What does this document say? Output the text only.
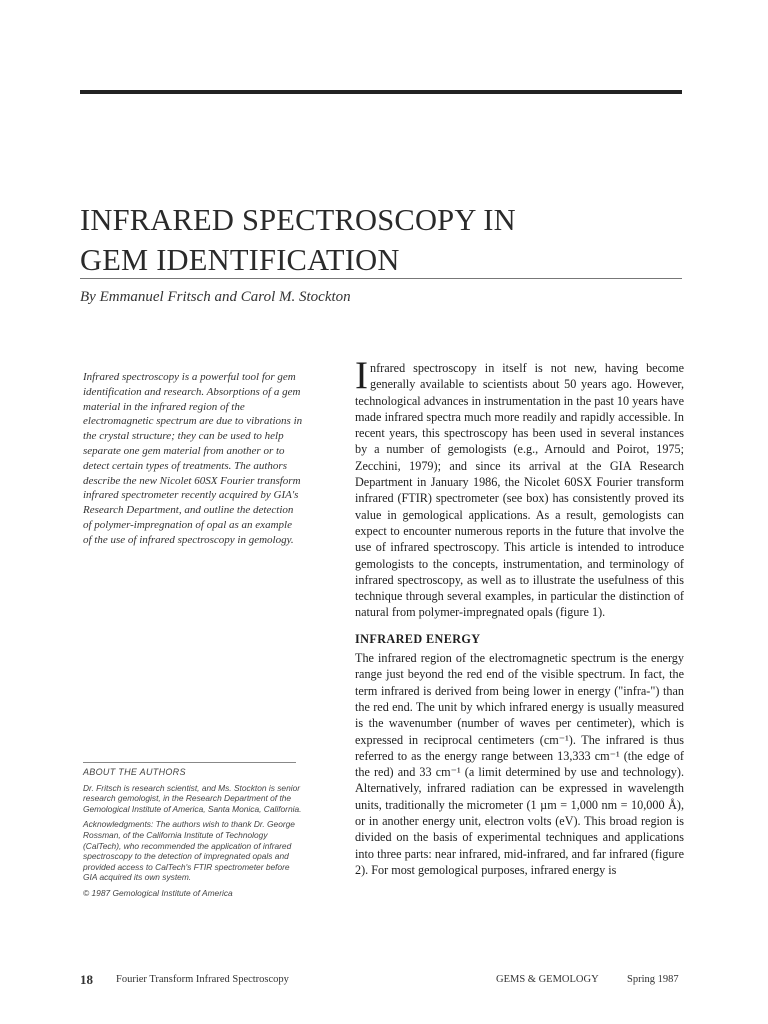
INFRARED SPECTROSCOPY IN
GEM IDENTIFICATION
By Emmanuel Fritsch and Carol M. Stockton

Infrared spectroscopy is a powerful tool for gem identification and research. Absorptions of a gem material in the infrared region of the electromagnetic spectrum are due to vibrations in the crystal structure; they can be used to help separate one gem material from another or to detect certain types of treatments. The authors describe the new Nicolet 60SX Fourier transform infrared spectrometer recently acquired by GIA's Research Department, and outline the detection of polymer-impregnation of opal as an example of the use of infrared spectroscopy in gemology.

ABOUT THE AUTHORS

Dr. Fritsch is research scientist, and Ms. Stockton is senior research gemologist, in the Research Department of the Gemological Institute of America, Santa Monica, California.

Acknowledgments: The authors wish to thank Dr. George Rossman, of the California Institute of Technology (CalTech), who recommended the application of infrared spectroscopy to the detection of impregnated opals and provided access to CalTech's FTIR spectrometer before GIA acquired its own system.

© 1987 Gemological Institute of America

Infrared spectroscopy in itself is not new, having become generally available to scientists about 50 years ago. However, technological advances in instrumentation in the past 10 years have made infrared spectra much more readily and rapidly accessible. In recent years, this spectroscopy has been used in several instances by a number of gemologists (e.g., Arnould and Poirot, 1975; Zecchini, 1979); and since its arrival at the GIA Research Department in January 1986, the Nicolet 60SX Fourier transform infrared (FTIR) spectrometer (see box) has consistently proved its value in gemological applications. As a result, gemologists can expect to encounter numerous reports in the future that involve the use of infrared spectroscopy. This article is intended to introduce gemologists to the concepts, instrumentation, and terminology of infrared spectroscopy, as well as to illustrate the usefulness of this technique through several examples, in particular the distinction of natural from polymer-impregnated opals (figure 1).

INFRARED ENERGY

The infrared region of the electromagnetic spectrum is the energy range just beyond the red end of the visible spectrum. In fact, the term infrared is derived from being lower in energy ("infra-") than the red end. The unit by which infrared energy is usually measured is the wavenumber (number of waves per centimeter), which is expressed in reciprocal centimeters (cm⁻¹). The infrared is thus referred to as the energy range between 13,333 cm⁻¹ (the edge of the red) and 33 cm⁻¹ (a limit determined by use and technology). Alternatively, infrared radiation can be expressed in wavelength units, traditionally the micrometer (1 µm = 1,000 nm = 10,000 Å), or in another energy unit, electron volts (eV). This broad region is divided on the basis of experimental techniques and applications into three parts: near infrared, mid-infrared, and far infrared (figure 2). For most gemological purposes, infrared energy is

18 Fourier Transform Infrared Spectroscopy	GEMS & GEMOLOGY	Spring 1987
